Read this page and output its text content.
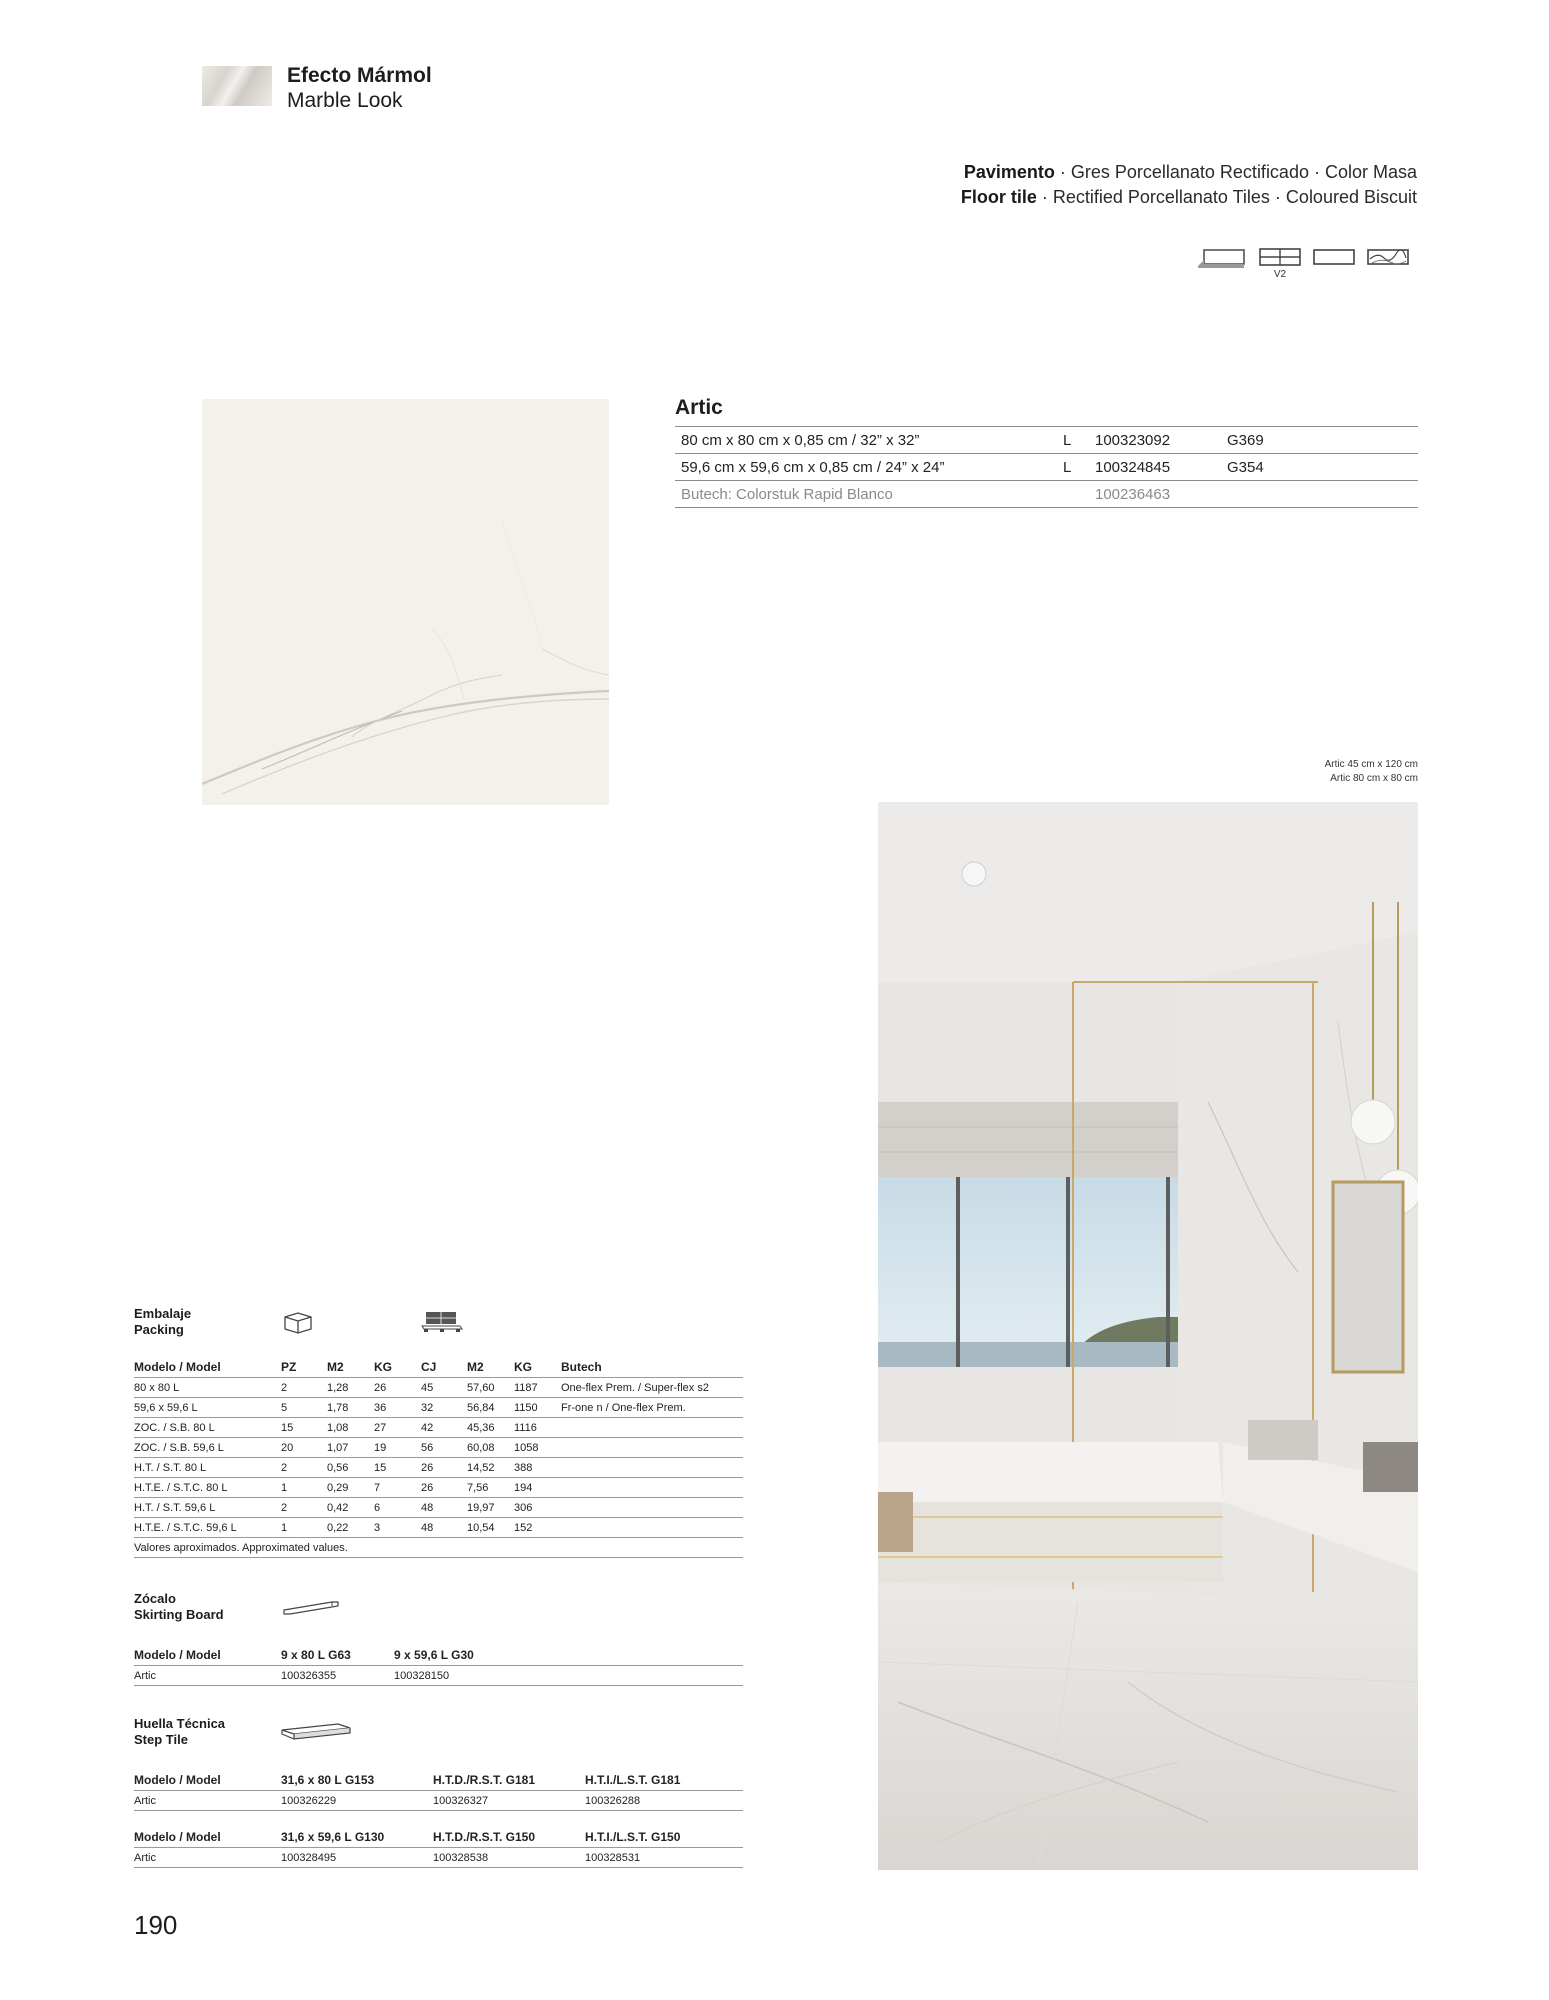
Efecto Mármol
Marble Look
Pavimento · Gres Porcellanato Rectificado · Color Masa
Floor tile · Rectified Porcellanato Tiles · Coloured Biscuit
V2
Artic
80 cm x 80 cm x 0,85 cm / 32” x 32”	L	100323092	G369
59,6 cm x 59,6 cm x 0,85 cm / 24” x 24”	L	100324845	G354
Butech: Colorstuk Rapid Blanco		100236463	
Artic 45 cm x 120 cm
Artic 80 cm x 80 cm
Embalaje
Packing
Modelo / Model	PZ	M2	KG	CJ	M2	KG	Butech
80 x 80 L	2	1,28	26	45	57,60	1187	One-flex Prem. / Super-flex s2
59,6 x 59,6 L	5	1,78	36	32	56,84	1150	Fr-one n / One-flex Prem.
ZOC. / S.B. 80 L	15	1,08	27	42	45,36	1116	
ZOC. / S.B. 59,6 L	20	1,07	19	56	60,08	1058	
H.T. / S.T. 80 L	2	0,56	15	26	14,52	388	
H.T.E. / S.T.C. 80 L	1	0,29	7	26	7,56	194	
H.T. / S.T. 59,6 L	2	0,42	6	48	19,97	306	
H.T.E. / S.T.C. 59,6 L	1	0,22	3	48	10,54	152	
Valores aproximados. Approximated values.							
Zócalo
Skirting Board
Modelo / Model	9 x 80 L G63	9 x 59,6 L G30
Artic	100326355	100328150
Huella Técnica
Step Tile
Modelo / Model	31,6 x 80 L G153	H.T.D./R.S.T. G181	H.T.I./L.S.T. G181
Artic	100326229	100326327	100326288
Modelo / Model	31,6 x 59,6 L G130	H.T.D./R.S.T. G150	H.T.I./L.S.T. G150
Artic	100328495	100328538	100328531
190
